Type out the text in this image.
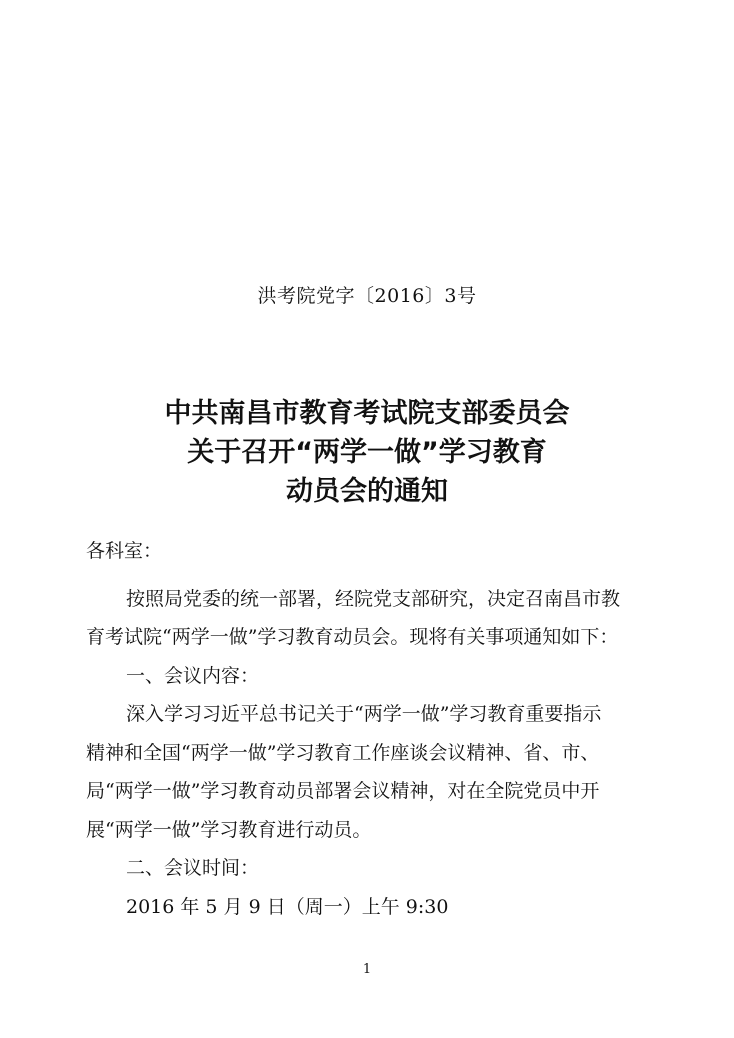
洪考院党字〔2016〕3号
中共南昌市教育考试院支部委员会
关于召开“两学一做”学习教育
动员会的通知

各科室：

按照局党委的统一部署，经院党支部研究，决定召南昌市教

育考试院“两学一做”学习教育动员会。现将有关事项通知如下：

一、会议内容：

深入学习习近平总书记关于“两学一做”学习教育重要指示

精神和全国“两学一做”学习教育工作座谈会议精神、省、市、

局“两学一做”学习教育动员部署会议精神，对在全院党员中开

展“两学一做”学习教育进行动员。

二、会议时间：

2016 年 5 月 9 日（周一）上午 9:30

1
